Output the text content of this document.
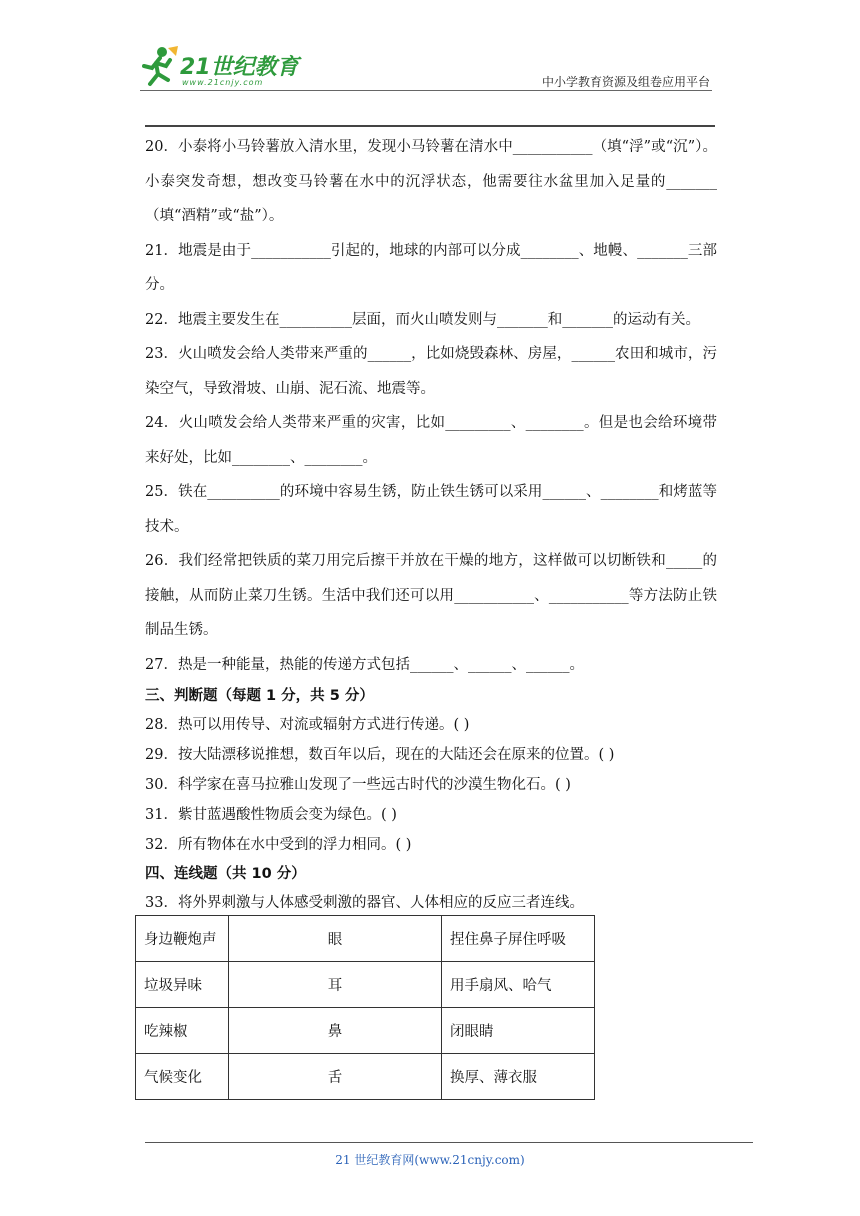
21世纪教育
www.21cnjy.com	中小学教育资源及组卷应用平台

20．小泰将小马铃薯放入清水里，发现小马铃薯在清水中___________（填“浮”或“沉”）。小泰突发奇想，想改变马铃薯在水中的沉浮状态，他需要往水盆里加入足量的_______（填“酒精”或“盐”）。

21．地震是由于___________引起的，地球的内部可以分成________、地幔、_______三部分。

22．地震主要发生在__________层面，而火山喷发则与_______和_______的运动有关。

23．火山喷发会给人类带来严重的______，比如烧毁森林、房屋，______农田和城市，污染空气，导致滑坡、山崩、泥石流、地震等。

24．火山喷发会给人类带来严重的灾害，比如_________、________。但是也会给环境带来好处，比如________、________。

25．铁在__________的环境中容易生锈，防止铁生锈可以采用______、________和烤蓝等技术。

26．我们经常把铁质的菜刀用完后擦干并放在干燥的地方，这样做可以切断铁和_____的接触，从而防止菜刀生锈。生活中我们还可以用___________、___________等方法防止铁制品生锈。

27．热是一种能量，热能的传递方式包括______、______、______。

三、判断题（每题 1 分，共 5 分）

28．热可以用传导、对流或辐射方式进行传递。( )

29．按大陆漂移说推想，数百年以后，现在的大陆还会在原来的位置。( )

30．科学家在喜马拉雅山发现了一些远古时代的沙漠生物化石。( )

31．紫甘蓝遇酸性物质会变为绿色。( )

32．所有物体在水中受到的浮力相同。( )

四、连线题（共 10 分）

33．将外界刺激与人体感受刺激的器官、人体相应的反应三者连线。

身边鞭炮声	眼	捏住鼻子屏住呼吸
垃圾异味	耳	用手扇风、哈气
吃辣椒	鼻	闭眼睛
气候变化	舌	换厚、薄衣服
21 世纪教育网(www.21cnjy.com)
